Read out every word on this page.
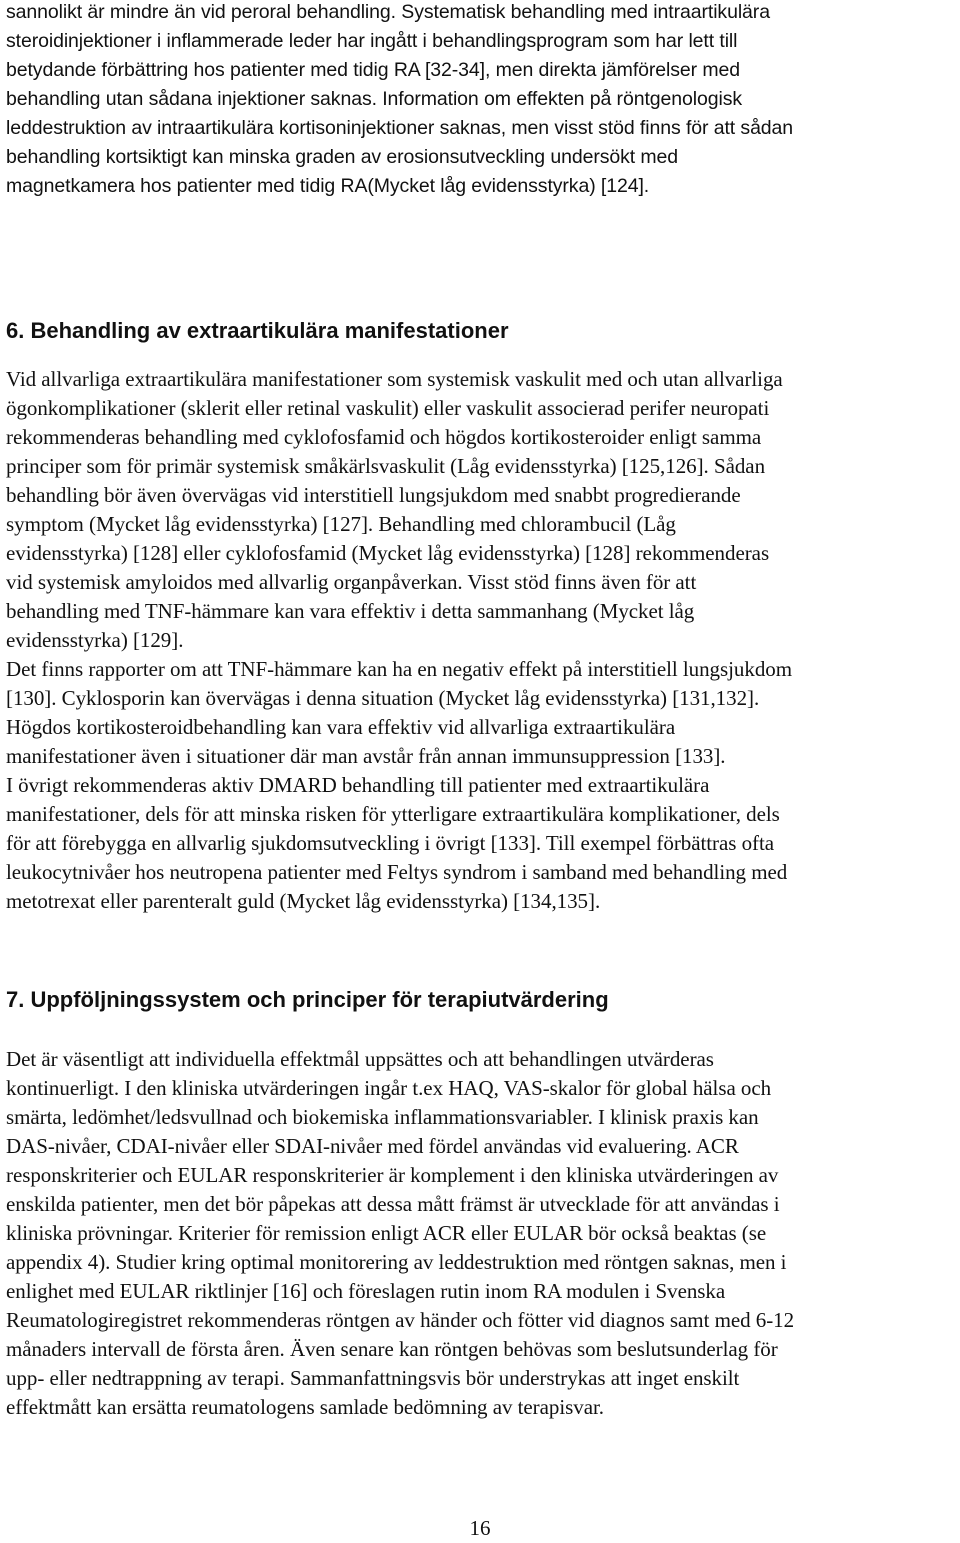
sannolikt är mindre än vid peroral behandling. Systematisk behandling med intraartikulära
steroidinjektioner i inflammerade leder har ingått i behandlingsprogram som har lett till
betydande förbättring hos patienter med tidig RA [32-34], men direkta jämförelser med
behandling utan sådana injektioner saknas. Information om effekten på röntgenologisk
leddestruktion av intraartikulära kortisoninjektioner saknas, men visst stöd finns för att sådan
behandling kortsiktigt kan minska graden av erosionsutveckling undersökt med
magnetkamera hos patienter med tidig RA(Mycket låg evidensstyrka) [124].
6. Behandling av extraartikulära manifestationer
Vid allvarliga extraartikulära manifestationer som systemisk vaskulit med och utan allvarliga
ögonkomplikationer (sklerit eller retinal vaskulit) eller vaskulit associerad perifer neuropati
rekommenderas behandling med cyklofosfamid och högdos kortikosteroider enligt samma
principer som för primär systemisk småkärlsvaskulit (Låg evidensstyrka) [125,126]. Sådan
behandling bör även övervägas vid interstitiell lungsjukdom med snabbt progredierande
symptom (Mycket låg evidensstyrka) [127]. Behandling med chlorambucil (Låg
evidensstyrka) [128] eller cyklofosfamid (Mycket låg evidensstyrka) [128] rekommenderas
vid systemisk amyloidos med allvarlig organpåverkan. Visst stöd finns även för att
behandling med TNF-hämmare kan vara effektiv i detta sammanhang (Mycket låg
evidensstyrka) [129].
Det finns rapporter om att TNF-hämmare kan ha en negativ effekt på interstitiell lungsjukdom
[130]. Cyklosporin kan övervägas i denna situation (Mycket låg evidensstyrka) [131,132].
Högdos kortikosteroidbehandling kan vara effektiv vid allvarliga extraartikulära
manifestationer även i situationer där man avstår från annan immunsuppression [133].
I övrigt rekommenderas aktiv DMARD behandling till patienter med extraartikulära
manifestationer, dels för att minska risken för ytterligare extraartikulära komplikationer, dels
för att förebygga en allvarlig sjukdomsutveckling i övrigt [133]. Till exempel förbättras ofta
leukocytnivåer hos neutropena patienter med Feltys syndrom i samband med behandling med
metotrexat eller parenteralt guld (Mycket låg evidensstyrka) [134,135].
7. Uppföljningssystem och principer för terapiutvärdering
Det är väsentligt att individuella effektmål uppsättes och att behandlingen utvärderas
kontinuerligt. I den kliniska utvärderingen ingår t.ex HAQ, VAS-skalor för global hälsa och
smärta, ledömhet/ledsvullnad och biokemiska inflammationsvariabler. I klinisk praxis kan
DAS-nivåer, CDAI-nivåer eller SDAI-nivåer med fördel användas vid evaluering. ACR
responskriterier och EULAR responskriterier är komplement i den kliniska utvärderingen av
enskilda patienter, men det bör påpekas att dessa mått främst är utvecklade för att användas i
kliniska prövningar. Kriterier för remission enligt ACR eller EULAR bör också beaktas (se
appendix 4). Studier kring optimal monitorering av leddestruktion med röntgen saknas, men i
enlighet med EULAR riktlinjer [16] och föreslagen rutin inom RA modulen i Svenska
Reumatologiregistret rekommenderas röntgen av händer och fötter vid diagnos samt med 6-12
månaders intervall de första åren. Även senare kan röntgen behövas som beslutsunderlag för
upp- eller nedtrappning av terapi. Sammanfattningsvis bör understrykas att inget enskilt
effektmått kan ersätta reumatologens samlade bedömning av terapisvar.
16
